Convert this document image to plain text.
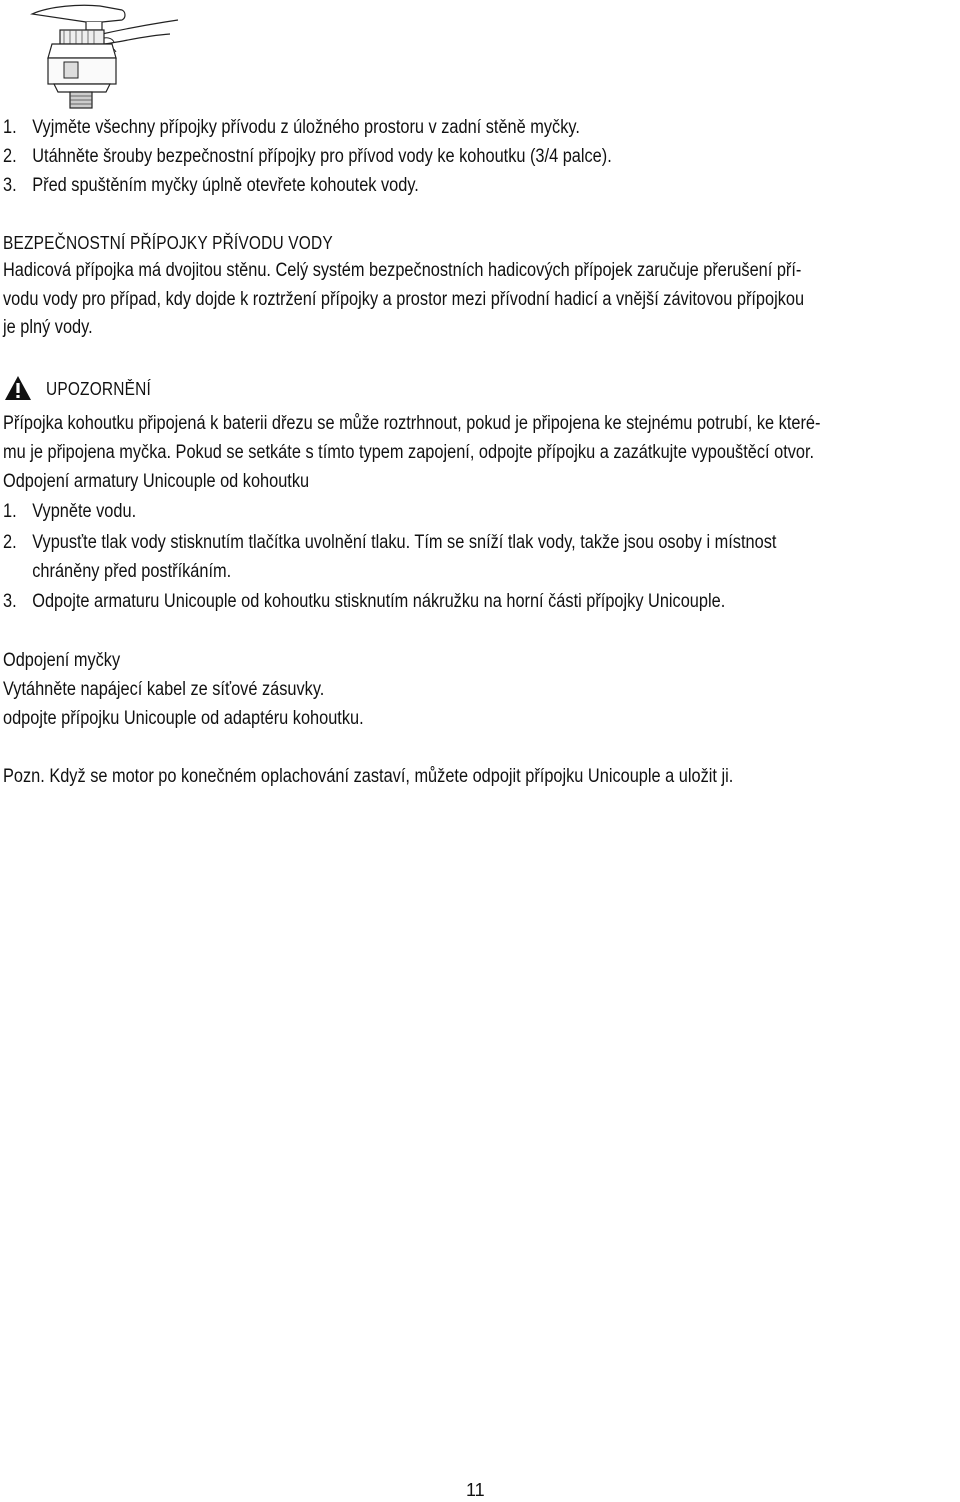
1. Vyjměte všechny přípojky přívodu z úložného prostoru v zadní stěně myčky.
2. Utáhněte šrouby bezpečnostní přípojky pro přívod vody ke kohoutku (3/4 palce).
3. Před spuštěním myčky úplně otevřete kohoutek vody.
BEZPEČNOSTNÍ PŘÍPOJKY PŘÍVODU VODY
Hadicová přípojka má dvojitou stěnu. Celý systém bezpečnostních hadicových přípojek zaručuje přerušení pří-
vodu vody pro případ, kdy dojde k roztržení přípojky a prostor mezi přívodní hadicí a vnější závitovou přípojkou
je plný vody.
UPOZORNĚNÍ
Přípojka kohoutku připojená k baterii dřezu se může roztrhnout, pokud je připojena ke stejnému potrubí, ke které-
mu je připojena myčka. Pokud se setkáte s tímto typem zapojení, odpojte přípojku a zazátkujte vypouštěcí otvor.
Odpojení armatury Unicouple od kohoutku
1. Vypněte vodu.
2. Vypusťte tlak vody stisknutím tlačítka uvolnění tlaku. Tím se sníží tlak vody, takže jsou osoby i místnost
chráněny před postříkáním.
3. Odpojte armaturu Unicouple od kohoutku stisknutím nákružku na horní části přípojky Unicouple.
Odpojení myčky
Vytáhněte napájecí kabel ze síťové zásuvky.
odpojte přípojku Unicouple od adaptéru kohoutku.
Pozn. Když se motor po konečném oplachování zastaví, můžete odpojit přípojku Unicouple a uložit ji.
11
